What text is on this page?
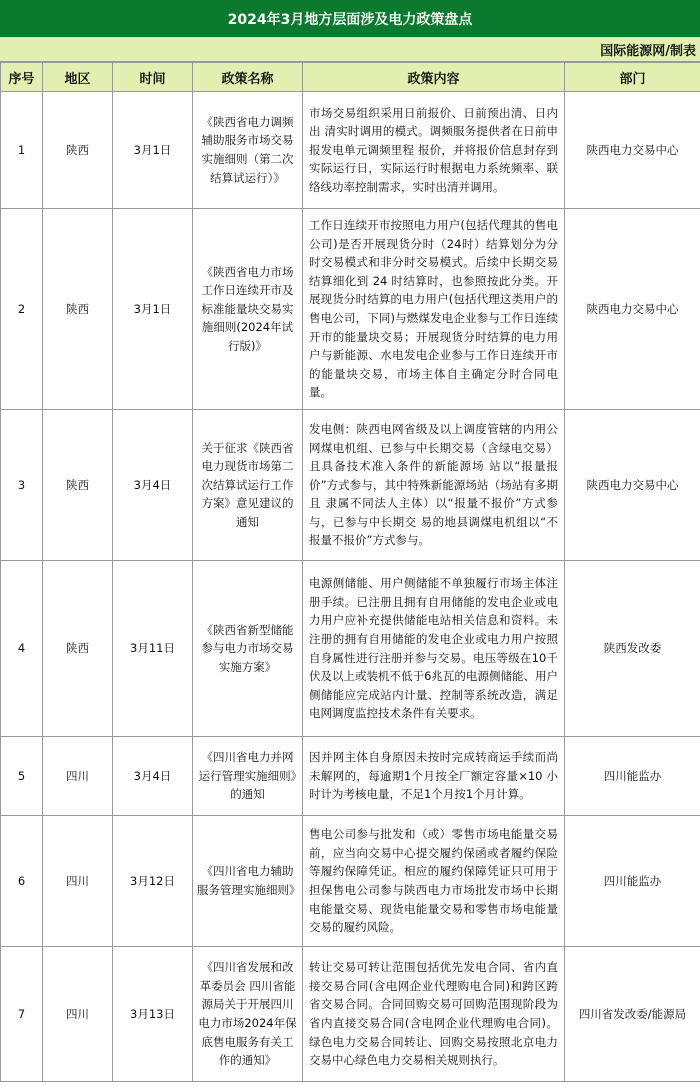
2024年3月地方层面涉及电力政策盘点
国际能源网/制表
序号	地区	时间	政策名称	政策内容	部门
1	陕西	3月1日	《陕西省电力调频辅助服务市场交易实施细则（第二次结算试运行）》	市场交易组织采用日前报价、日前预出清、日内出 清实时调用的模式。调频服务提供者在日前申报发电单元调频里程 报价，并将报价信息封存到实际运行日，实际运行时根据电力系统频率、联络线功率控制需求，实时出清并调用。	陕西电力交易中心
2	陕西	3月1日	《陕西省电力市场工作日连续开市及标准能量块交易实施细则(2024年试行版)》	工作日连续开市按照电力用户(包括代理其的售电公司)是否开展现货分时（24时）结算划分为分时交易模式和非分时交易模式。后续中长期交易结算细化到 24 时结算时，也参照按此分类。开展现货分时结算的电力用户(包括代理这类用户的售电公司，下同)与燃煤发电企业参与工作日连续开市的能量块交易；开展现货分时结算的电力用户与新能源、水电发电企业参与工作日连续开市的能量块交易，市场主体自主确定分时合同电量。	陕西电力交易中心
3	陕西	3月4日	关于征求《陕西省电力现货市场第二次结算试运行工作方案》意见建议的通知	发电侧：陕西电网省级及以上调度管辖的内用公网煤电机组、已参与中长期交易（含绿电交易）且具备技术准入条件的新能源场 站以“报量报价”方式参与，其中特殊新能源场站（场站有多期且 隶属不同法人主体）以“报量不报价”方式参与，已参与中长期交 易的地县调煤电机组以“不报量不报价”方式参与。	陕西电力交易中心
4	陕西	3月11日	《陕西省新型储能参与电力市场交易实施方案》	电源侧储能、用户侧储能不单独履行市场主体注册手续。已注册且拥有自用储能的发电企业或电力用户应补充提供储能电站相关信息和资料。未注册的拥有自用储能的发电企业或电力用户按照自身属性进行注册并参与交易。电压等级在10千伏及以上或装机不低于6兆瓦的电源侧储能、用户侧储能应完成站内计量、控制等系统改造，满足电网调度监控技术条件有关要求。	陕西发改委
5	四川	3月4日	《四川省电力并网运行管理实施细则》的通知	因并网主体自身原因未按时完成转商运手续而尚未解网的，每逾期1个月按全厂额定容量×10 小时计为考核电量，不足1个月按1个月计算。	四川能监办
6	四川	3月12日	《四川省电力辅助服务管理实施细则》	售电公司参与批发和（或）零售市场电能量交易前，应当向交易中心提交履约保函或者履约保险等履约保障凭证。相应的履约保障凭证只可用于担保售电公司参与陕西电力市场批发市场中长期电能量交易、现货电能量交易和零售市场电能量交易的履约风险。	四川能监办
7	四川	3月13日	《四川省发展和改革委员会 四川省能源局关于开展四川电力市场2024年保底售电服务有关工作的通知》	转让交易可转让范围包括优先发电合同、省内直接交易合同(含电网企业代理购电合同)和跨区跨省交易合同。合同回购交易可回购范围现阶段为省内直接交易合同(含电网企业代理购电合同)。绿色电力交易合同转让、回购交易按照北京电力交易中心绿色电力交易相关规则执行。	四川省发改委/能源局
